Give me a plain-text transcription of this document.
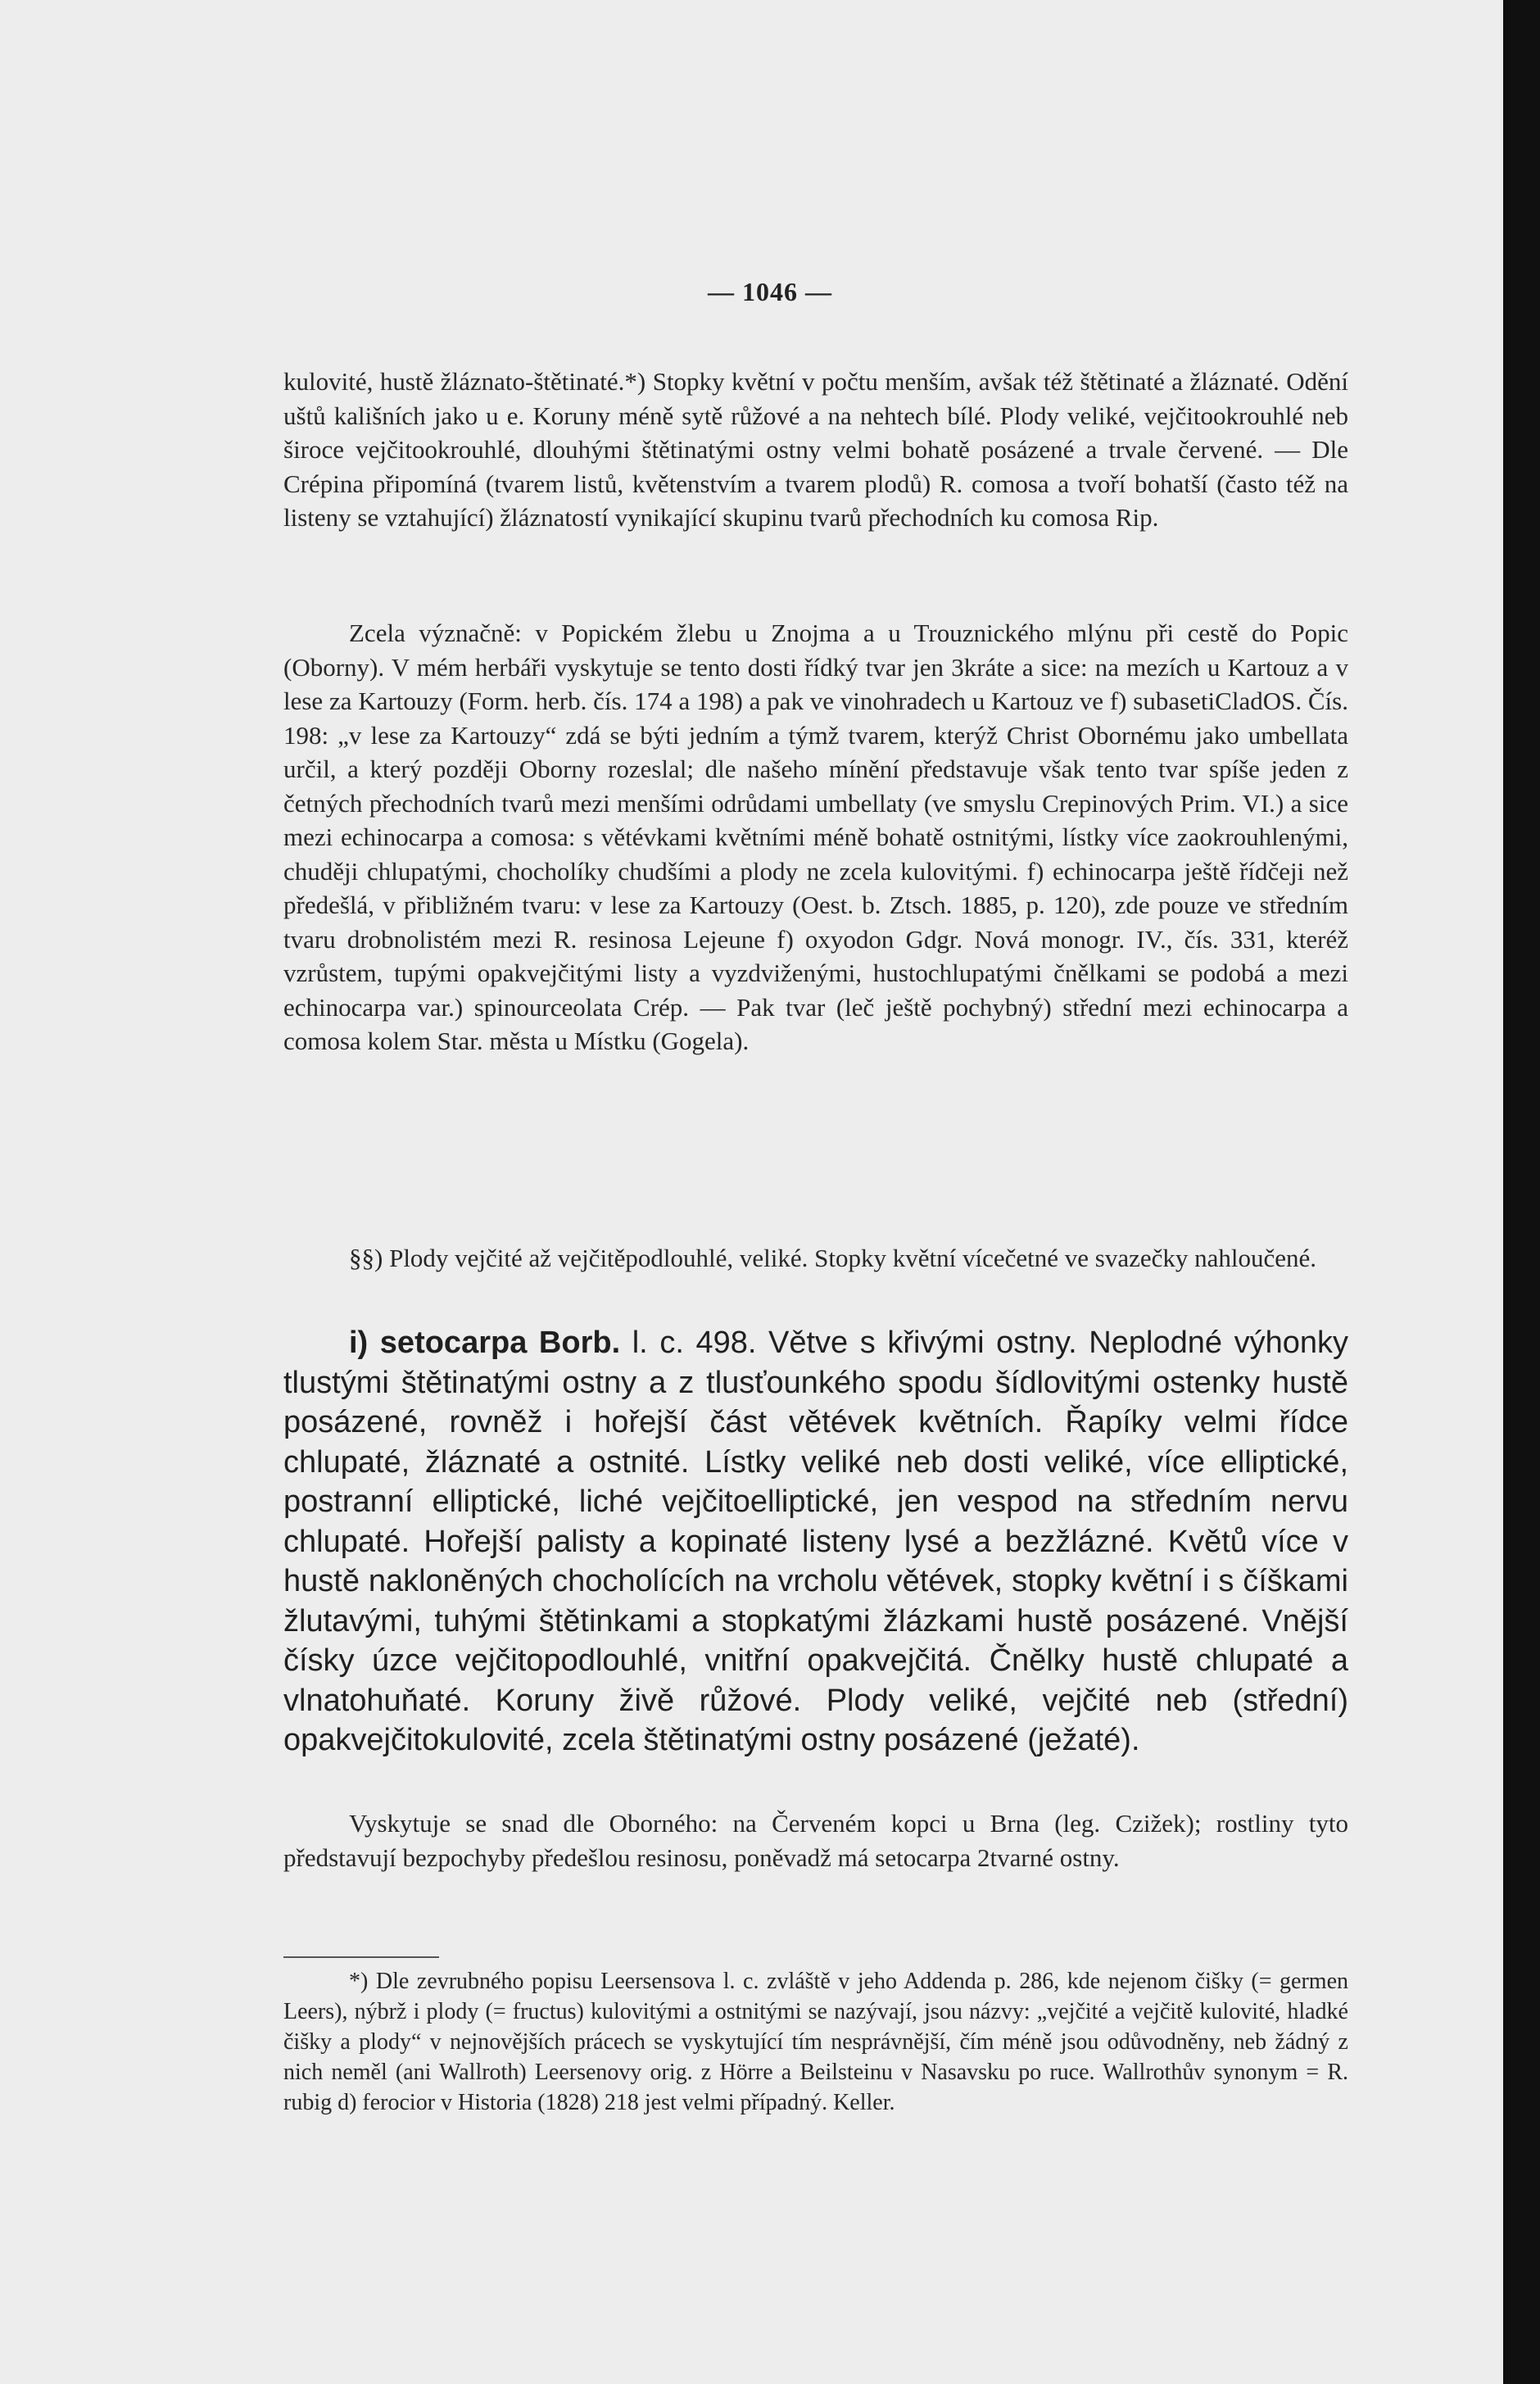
— 1046 —

kulovité, hustě žláznato-štětinaté.*) Stopky květní v počtu menším, avšak též štětinaté a žláznaté. Odění uštů kališních jako u e. Koruny méně sytě růžové a na nehtech bílé. Plody veliké, vejčitookrouhlé neb široce vejčitookrouhlé, dlouhými štětinatými ostny velmi bohatě posázené a trvale červené. — Dle Crépina připomíná (tvarem listů, květenstvím a tvarem plodů) R. comosa a tvoří bohatší (často též na listeny se vztahující) žláznatostí vynikající skupinu tvarů přechodních ku comosa Rip.

Zcela význačně: v Popickém žlebu u Znojma a u Trouznického mlýnu při cestě do Popic (Oborny). V mém herbáři vyskytuje se tento dosti řídký tvar jen 3kráte a sice: na mezích u Kartouz a v lese za Kartouzy (Form. herb. čís. 174 a 198) a pak ve vinohradech u Kartouz ve f) subasetiCladOS. Čís. 198: „v lese za Kartouzy“ zdá se býti jedním a týmž tvarem, kterýž Christ Obornému jako umbellata určil, a který později Oborny rozeslal; dle našeho mínění představuje však tento tvar spíše jeden z četných přechodních tvarů mezi menšími odrůdami umbellaty (ve smyslu Crepinových Prim. VI.) a sice mezi echinocarpa a comosa: s větévkami květními méně bohatě ostnitými, lístky více zaokrouhlenými, chuději chlupatými, chocholíky chudšími a plody ne zcela kulovitými. f) echinocarpa ještě řídčeji než předešlá, v přibližném tvaru: v lese za Kartouzy (Oest. b. Ztsch. 1885, p. 120), zde pouze ve středním tvaru drobnolistém mezi R. resinosa Lejeune f) oxyodon Gdgr. Nová monogr. IV., čís. 331, kteréž vzrůstem, tupými opakvejčitými listy a vyzdviženými, hustochlupatými čnělkami se podobá a mezi echinocarpa var.) spinourceolata Crép. — Pak tvar (leč ještě pochybný) střední mezi echinocarpa a comosa kolem Star. města u Místku (Gogela).

§§) Plody vejčité až vejčitěpodlouhlé, veliké. Stopky květní vícečetné ve svazečky nahloučené.

i) setocarpa Borb. l. c. 498. Větve s křivými ostny. Neplodné výhonky tlustými štětinatými ostny a z tlusťounkého spodu šídlovitými ostenky hustě posázené, rovněž i hořejší část větévek květních. Řapíky velmi řídce chlupaté, žláznaté a ostnité. Lístky veliké neb dosti veliké, více elliptické, postranní elliptické, liché vejčitoelliptické, jen vespod na středním nervu chlupaté. Hořejší palisty a kopinaté listeny lysé a bezžlázné. Květů více v hustě nakloněných chocholících na vrcholu větévek, stopky květní i s číškami žlutavými, tuhými štětinkami a stopkatými žlázkami hustě posázené. Vnější čísky úzce vejčitopodlouhlé, vnitřní opakvejčitá. Čnělky hustě chlupaté a vlnatohuňaté. Koruny živě růžové. Plody veliké, vejčité neb (střední) opakvejčitokulovité, zcela štětinatými ostny posázené (ježaté).

Vyskytuje se snad dle Oborného: na Červeném kopci u Brna (leg. Czižek); rostliny tyto představují bezpochyby předešlou resinosu, poněvadž má setocarpa 2tvarné ostny.

*) Dle zevrubného popisu Leersensova l. c. zvláště v jeho Addenda p. 286, kde nejenom čišky (= germen Leers), nýbrž i plody (= fructus) kulovitými a ostnitými se nazývají, jsou názvy: „vejčité a vejčitě kulovité, hladké čišky a plody“ v nejnovějších prácech se vyskytující tím nesprávnější, čím méně jsou odůvodněny, neb žádný z nich neměl (ani Wallroth) Leersenovy orig. z Hörre a Beilsteinu v Nasavsku po ruce. Wallrothův synonym = R. rubig d) ferocior v Historia (1828) 218 jest velmi případný. Keller.
